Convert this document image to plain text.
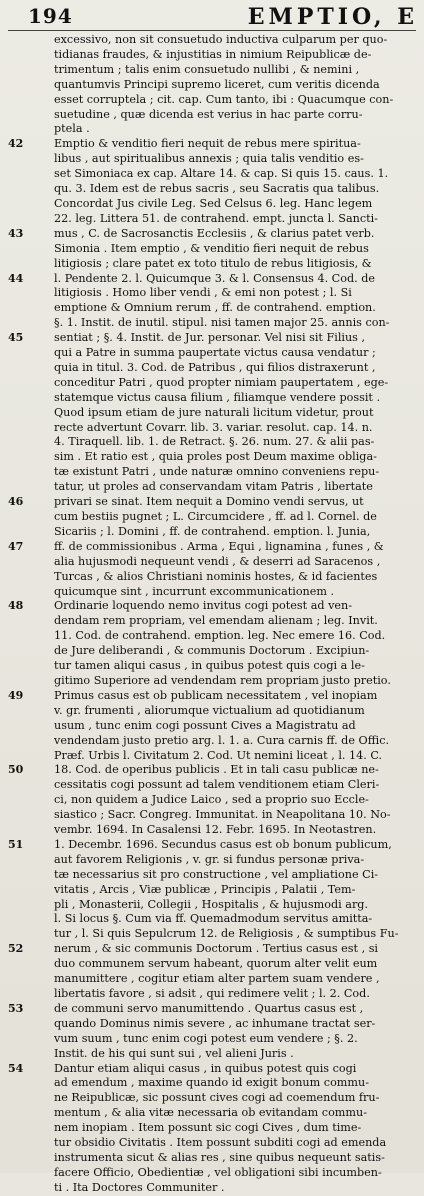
194	EMPTIO, E
excessivo, non sit consuetudo inductiva culparum per quo-
tidianas fraudes, & injustitias in nimium Reipublicæ de-
trimentum ; talis enim consuetudo nullibi , & nemini ,
quantumvis Principi supremo liceret, cum veritis dicenda
esset corruptela ; cit. cap. Cum tanto, ibi : Quacumque con-
suetudine , quæ dicenda est verius in hac parte corru-
ptela .
42	Emptio & venditio fieri nequit de rebus mere spiritua-
libus , aut spiritualibus annexis ; quia talis venditio es-
set Simoniaca ex cap. Altare 14. & cap. Si quis 15. caus. 1.
qu. 3. Idem est de rebus sacris , seu Sacratis qua talibus.
Concordat Jus civile Leg. Sed Celsus 6. leg. Hanc legem
22. leg. Littera 51. de contrahend. empt. juncta l. Sancti-
43	mus , C. de Sacrosanctis Ecclesiis , & clarius patet verb.
Simonia . Item emptio , & venditio fieri nequit de rebus
litigiosis ; clare patet ex toto titulo de rebus litigiosis, &
44	l. Pendente 2. l. Quicumque 3. & l. Consensus 4. Cod. de
litigiosis . Homo liber vendi , & emi non potest ; l. Si
emptione & Omnium rerum , ff. de contrahend. emption.
§. 1. Instit. de inutil. stipul. nisi tamen major 25. annis con-
45	sentiat ; §. 4. Instit. de Jur. personar. Vel nisi sit Filius ,
qui a Patre in summa paupertate victus causa vendatur ;
quia in titul. 3. Cod. de Patribus , qui filios distraxerunt ,
conceditur Patri , quod propter nimiam paupertatem , ege-
statemque victus causa filium , filiamque vendere possit .
Quod ipsum etiam de jure naturali licitum videtur, prout
recte advertunt Covarr. lib. 3. variar. resolut. cap. 14. n.
4. Tiraquell. lib. 1. de Retract. §. 26. num. 27. & alii pas-
sim . Et ratio est , quia proles post Deum maxime obliga-
tæ existunt Patri , unde naturæ omnino conveniens repu-
tatur, ut proles ad conservandam vitam Patris , libertate
46	privari se sinat. Item nequit a Domino vendi servus, ut
cum bestiis pugnet ; L. Circumcidere , ff. ad l. Cornel. de
Sicariis ; l. Domini , ff. de contrahend. emption. l. Junia,
47	ff. de commissionibus . Arma , Equi , lignamina , funes , &
alia hujusmodi nequeunt vendi , & deserri ad Saracenos ,
Turcas , & alios Christiani nominis hostes, & id facientes
quicumque sint , incurrunt excommunicationem .
48	Ordinarie loquendo nemo invitus cogi potest ad ven-
dendam rem propriam, vel emendam alienam ; leg. Invit.
11. Cod. de contrahend. emption. leg. Nec emere 16. Cod.
de Jure deliberandi , & communis Doctorum . Excipiun-
tur tamen aliqui casus , in quibus potest quis cogi a le-
gitimo Superiore ad vendendam rem propriam justo pretio.
49	Primus casus est ob publicam necessitatem , vel inopiam
v. gr. frumenti , aliorumque victualium ad quotidianum
usum , tunc enim cogi possunt Cives a Magistratu ad
vendendam justo pretio arg. l. 1. a. Cura carnis ff. de Offic.
Præf. Urbis l. Civitatum 2. Cod. Ut nemini liceat , l. 14. C.
50	18. Cod. de operibus publicis . Et in tali casu publicæ ne-
cessitatis cogi possunt ad talem venditionem etiam Cleri-
ci, non quidem a Judice Laico , sed a proprio suo Eccle-
siastico ; Sacr. Congreg. Immunitat. in Neapolitana 10. No-
vembr. 1694. In Casalensi 12. Febr. 1695. In Neotastren.
51	1. Decembr. 1696. Secundus casus est ob bonum publicum,
aut favorem Religionis , v. gr. si fundus personæ priva-
tæ necessarius sit pro constructione , vel ampliatione Ci-
vitatis , Arcis , Viæ publicæ , Principis , Palatii , Tem-
pli , Monasterii, Collegii , Hospitalis , & hujusmodi arg.
l. Si locus §. Cum via ff. Quemadmodum servitus amitta-
tur , l. Si quis Sepulcrum 12. de Religiosis , & sumptibus Fu-
52	nerum , & sic communis Doctorum . Tertius casus est , si
duo communem servum habeant, quorum alter velit eum
manumittere , cogitur etiam alter partem suam vendere ,
libertatis favore , si adsit , qui redimere velit ; l. 2. Cod.
53	de communi servo manumittendo . Quartus casus est ,
quando Dominus nimis severe , ac inhumane tractat ser-
vum suum , tunc enim cogi potest eum vendere ; §. 2.
Instit. de his qui sunt sui , vel alieni Juris .
54	Dantur etiam aliqui casus , in quibus potest quis cogi
ad emendum , maxime quando id exigit bonum commu-
ne Reipublicæ, sic possunt cives cogi ad coemendum fru-
mentum , & alia vitæ necessaria ob evitandam commu-
nem inopiam . Item possunt sic cogi Cives , dum time-
tur obsidio Civitatis . Item possunt subditi cogi ad emenda
instrumenta sicut & alias res , sine quibus nequeunt satis-
facere Officio, Obedientiæ , vel obligationi sibi incumben-
ti . Ita Doctores Communiter .
